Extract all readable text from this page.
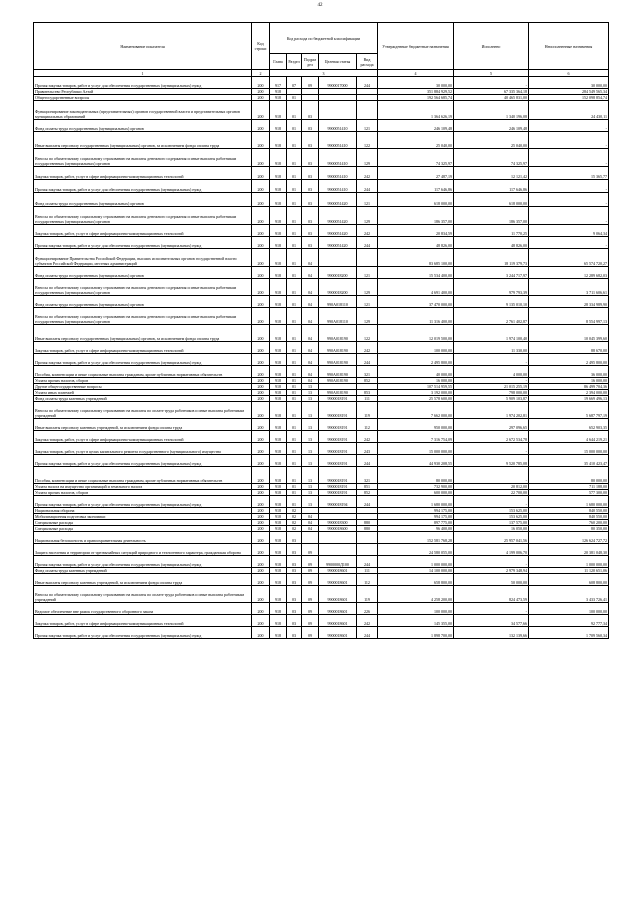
42
Наименование показателя	Код строки	Код расхода по бюджетной классификации					Утвержденные бюджетные назначения	Исполнено	Неисполненные назначения
		Глава	Раздел	Подраз дел	Целевая статья	Вид расхода			
1	2	3					4	5	6
Прочая закупка товаров, работ и услуг для обеспечения государственных (муниципальных) нужд	200	917	07	09	9900017000	244	30 000,00	-	30 000,00
Правительство Республики Алтай	200	918					351 884 929,52	67 335 364,18	284 549 565,34
Общегосударственные вопросы	200	918	01				192 564 685,74	40 465 831,00	152 098 854,74
Функционирование законодательных (представительных) органов государственной власти и представительных органов муниципальных образований	200	918	01	03			1 364 626,19	1 340 196,08	24 430,11
Фонд оплаты труда государственных (муниципальных) органов	200	918	01	03	9900051410	121	246 109,48	246 109,48	-
Иные выплаты персоналу государственных (муниципальных) органов, за исключением фонда оплаты труда	200	918	01	03	9900051410	122	25 040,00	25 040,00	-
Взносы по обязательному социальному страхованию на выплаты денежного содержания и иные выплаты работникам государственных (муниципальных) органов	200	918	01	03	9900051410	129	74 325,97	74 325,97	-
Закупка товаров, работ, услуг в сфере информационно-коммуникационных технологий	200	918	01	03	9900051410	242	27 487,19	12 121,42	15 365,77
Прочая закупка товаров, работ и услуг для обеспечения государственных (муниципальных) нужд	200	918	01	03	9900051410	244	117 646,86	117 646,86	-
Фонд оплаты труда государственных (муниципальных) органов	200	918	01	03	9900051420	121	618 000,00	618 000,00	-
Взносы по обязательному социальному страхованию на выплаты денежного содержания и иные выплаты работникам государственных (муниципальных) органов	200	918	01	03	9900051420	129	186 357,00	186 357,00	-
Закупка товаров, работ, услуг в сфере информационно-коммуникационных технологий	200	918	01	03	9900051420	242	20 834,59	11 770,25	9 064,34
Прочая закупка товаров, работ и услуг для обеспечения государственных (муниципальных) нужд	200	918	01	03	9900051420	244	48 826,00	48 826,00	-
Функционирование Правительства Российской Федерации, высших исполнительных органов государственной власти субъектов Российской Федерации, местных администраций	200	918	01	04			83 685 100,00	18 119 379,73	65 574 720,27
Фонд оплаты труда государственных (муниципальных) органов	200	918	01	04	9900018200	121	15 534 400,00	3 244 717,97	12 289 682,03
Взносы по обязательному социальному страхованию на выплаты денежного содержания и иные выплаты работникам государственных (муниципальных) органов	200	918	01	04	9900018200	129	4 691 400,00	979 793,39	3 711 606,61
Фонд оплаты труда государственных (муниципальных) органов	200	918	01	04	990А018110	121	37 470 000,00	9 135 010,10	28 334 989,90
Взносы по обязательному социальному страхованию на выплаты денежного содержания и иные выплаты работникам государственных (муниципальных) органов	200	918	01	04	990А018110	129	11 316 400,00	2 761 402,87	8 554 997,13
Иные выплаты персоналу государственных (муниципальных) органов, за исключением фонда оплаты труда	200	918	01	04	990А018190	122	12 019 500,00	1 974 100,40	10 045 399,60
Закупка товаров, работ, услуг в сфере информационно-коммуникационных технологий	200	918	01	04	990А018190	242	100 000,00	11 330,00	88 670,00
Прочая закупка товаров, работ и услуг для обеспечения государственных (муниципальных) нужд	200	918	01	04	990А018190	244	2 495 800,00	-	2 495 800,00
Пособия, компенсации и иные социальные выплаты гражданам, кроме публичных нормативных обязательств	200	918	01	04	990А018190	321	40 000,00	4 000,00	36 000,00
Уплата прочих налогов, сборов	200	918	01	04	990А018190	852	16 000,00	-	16 000,00
Другие общегосударственные вопросы	200	918	01	13			107 514 959,55	21 015 255,19	86 499 704,36
Уплата иных платежей	200	918	01	13	990А018190	853	3 192 000,00	798 000,00	2 394 000,00
Фонд оплаты труда казенных учреждений	200	918	01	13	9900018191	111	25 578 600,00	5 909 103,87	19 669 496,13
Взносы по обязательному социальному страхованию на выплаты по оплате труда работников и иные выплаты работникам учреждений	200	918	01	13	9900018191	119	7 662 000,00	1 974 202,81	5 687 797,19
Иные выплаты персоналу казенных учреждений, за исключением фонда оплаты труда	200	918	01	13	9900018191	112	950 000,00	297 096,65	652 903,35
Закупка товаров, работ, услуг в сфере информационно-коммуникационных технологий	200	918	01	13	9900018191	242	7 316 754,09	2 672 534,78	4 644 219,21
Закупка товаров, работ, услуг в целях капитального ремонта государственного (муниципального) имущества	200	918	01	13	9900018191	243	15 000 000,00	-	15 000 000,00
Прочая закупка товаров, работ и услуг для обеспечения государственных (муниципальных) нужд	200	918	01	13	9900018191	244	44 930 208,55	9 520 785,08	35 410 423,47
Пособия, компенсации и иные социальные выплаты гражданам, кроме публичных нормативных обязательств	200	918	01	13	9900018191	321	80 000,00	-	80 000,00
Уплата налога на имущество организаций и земельного налога	200	918	01	13	9900018191	851	732 900,00	20 812,00	711 188,00
Уплата прочих налогов, сборов	200	918	01	13	9900018191	852	600 000,00	22 700,00	577 300,00
Прочая закупка товаров, работ и услуг для обеспечения государственных (муниципальных) нужд	200	918	01	13	9900018194	244	1 680 000,00	-	1 680 000,00
Национальная оборона	200	918	02				994 175,00	153 625,00	840 550,00
Мобилизационная подготовка экономики	200	918	02	04			994 175,00	153 625,00	840 550,00
Специальные расходы	200	918	02	04	9900018300	880	897 775,00	137 575,00	760 200,00
Специальные расходы	200	918	02	04	9900018600	880	96 400,00	16 050,00	80 350,00
Национальная безопасность и правоохранительная деятельность	200	918	03				152 581 768,28	25 957 041,56	126 624 727,72
Защита населения и территории от чрезвычайных ситуаций природного и техногенного характера, гражданская оборона	200	918	03	09			24 580 055,00	4 199 006,70	20 381 048,30
Прочая закупка товаров, работ и услуг для обеспечения государственных (муниципальных) нужд	200	918	03	09	9900000Д100	244	1 000 000,00	-	1 000 000,00
Фонд оплаты труда казенных учреждений	200	918	03	09	9900018601	111	14 100 000,00	2 979 348,94	11 120 651,06
Иные выплаты персоналу казенных учреждений, за исключением фонда оплаты труда	200	918	03	09	9900018601	112	658 800,00	50 000,00	608 800,00
Взносы по обязательному социальному страхованию на выплаты по оплате труда работников и иные выплаты работникам учреждений	200	918	03	09	9900018601	119	4 258 200,00	824 473,59	3 433 726,41
Ведомое обеспечение вне рамок государственного оборонного заказа	200	918	03	09	9900018601	226	100 000,00	-	100 000,00
Закупка товаров, работ, услуг в сфере информационно-коммуникационных технологий	200	918	03	09	9900018601	242	145 355,00	34 577,66	92 777,34
Прочая закупка товаров, работ и услуг для обеспечения государственных (муниципальных) нужд	200	918	03	09	9900018601	244	1 898 700,00	132 139,66	1 709 560,34
